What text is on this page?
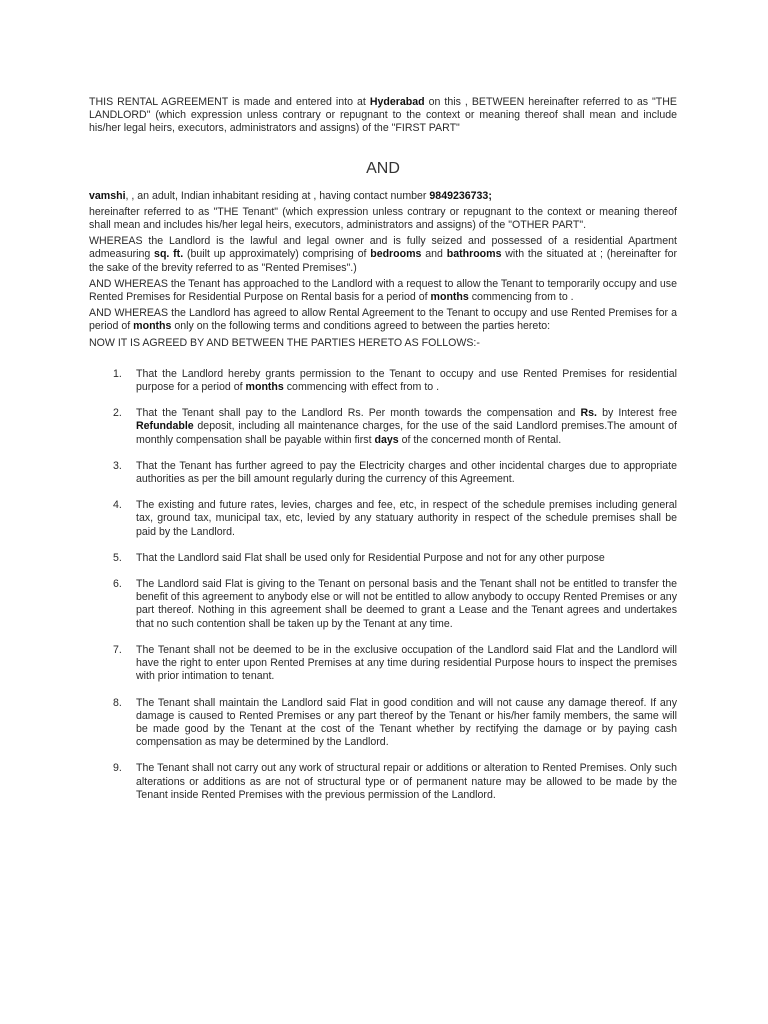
THIS RENTAL AGREEMENT is made and entered into at Hyderabad on this , BETWEEN hereinafter referred to as "THE LANDLORD" (which expression unless contrary or repugnant to the context or meaning thereof shall mean and include his/her legal heirs, executors, administrators and assigns) of the "FIRST PART"

AND

vamshi, , an adult, Indian inhabitant residing at , having contact number 9849236733;

hereinafter referred to as "THE Tenant" (which expression unless contrary or repugnant to the context or meaning thereof shall mean and includes his/her legal heirs, executors, administrators and assigns) of the "OTHER PART".

WHEREAS the Landlord is the lawful and legal owner and is fully seized and possessed of a residential Apartment admeasuring sq. ft. (built up approximately) comprising of bedrooms and bathrooms with the situated at ; (hereinafter for the sake of the brevity referred to as "Rented Premises".)

AND WHEREAS the Tenant has approached to the Landlord with a request to allow the Tenant to temporarily occupy and use Rented Premises for Residential Purpose on Rental basis for a period of months commencing from to .

AND WHEREAS the Landlord has agreed to allow Rental Agreement to the Tenant to occupy and use Rented Premises for a period of months only on the following terms and conditions agreed to between the parties hereto:

NOW IT IS AGREED BY AND BETWEEN THE PARTIES HERETO AS FOLLOWS:-

1. That the Landlord hereby grants permission to the Tenant to occupy and use Rented Premises for residential purpose for a period of months commencing with effect from to .
2. That the Tenant shall pay to the Landlord Rs. Per month towards the compensation and Rs. by Interest free Refundable deposit, including all maintenance charges, for the use of the said Landlord premises.The amount of monthly compensation shall be payable within first days of the concerned month of Rental.
3. That the Tenant has further agreed to pay the Electricity charges and other incidental charges due to appropriate authorities as per the bill amount regularly during the currency of this Agreement.
4. The existing and future rates, levies, charges and fee, etc, in respect of the schedule premises including general tax, ground tax, municipal tax, etc, levied by any statuary authority in respect of the schedule premises shall be paid by the Landlord.
5. That the Landlord said Flat shall be used only for Residential Purpose and not for any other purpose
6. The Landlord said Flat is giving to the Tenant on personal basis and the Tenant shall not be entitled to transfer the benefit of this agreement to anybody else or will not be entitled to allow anybody to occupy Rented Premises or any part thereof. Nothing in this agreement shall be deemed to grant a Lease and the Tenant agrees and undertakes that no such contention shall be taken up by the Tenant at any time.
7. The Tenant shall not be deemed to be in the exclusive occupation of the Landlord said Flat and the Landlord will have the right to enter upon Rented Premises at any time during residential Purpose hours to inspect the premises with prior intimation to tenant.
8. The Tenant shall maintain the Landlord said Flat in good condition and will not cause any damage thereof. If any damage is caused to Rented Premises or any part thereof by the Tenant or his/her family members, the same will be made good by the Tenant at the cost of the Tenant whether by rectifying the damage or by paying cash compensation as may be determined by the Landlord.
9. The Tenant shall not carry out any work of structural repair or additions or alteration to Rented Premises. Only such alterations or additions as are not of structural type or of permanent nature may be allowed to be made by the Tenant inside Rented Premises with the previous permission of the Landlord.
